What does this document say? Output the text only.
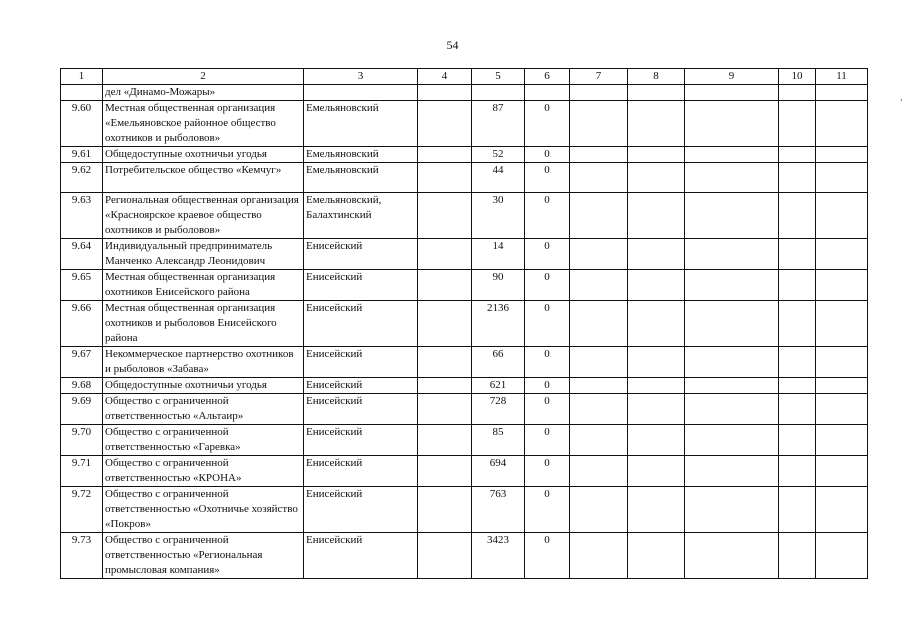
54
1	2	3	4	5	6	7	8	9	10	11
	дел «Динамо-Можары»									
9.60	Местная общественная организация «Емельяновское районное общество охотников и рыболовов»	Емельяновский		87	0					
9.61	Общедоступные охотничьи угодья	Емельяновский		52	0					
9.62	Потребительское общество «Кемчуг»	Емельяновский		44	0					
9.63	Региональная общественная организация «Красноярское краевое общество охотников и рыболовов»	Емельяновский, Балахтинский		30	0					
9.64	Индивидуальный предприниматель Манченко Александр Леонидович	Енисейский		14	0					
9.65	Местная общественная организация охотников Енисейского района	Енисейский		90	0					
9.66	Местная общественная организация охотников и рыболовов Енисейского района	Енисейский		2136	0					
9.67	Некоммерческое партнерство охотников и рыболовов «Забава»	Енисейский		66	0					
9.68	Общедоступные охотничьи угодья	Енисейский		621	0					
9.69	Общество с ограниченной ответственностью «Альтаир»	Енисейский		728	0					
9.70	Общество с ограниченной ответственностью «Гаревка»	Енисейский		85	0					
9.71	Общество с ограниченной ответственностью «КРОНА»	Енисейский		694	0					
9.72	Общество с ограниченной ответственностью «Охотничье хозяйство «Покров»	Енисейский		763	0					
9.73	Общество с ограниченной ответственностью «Региональная промысловая компания»	Енисейский		3423	0					
,
